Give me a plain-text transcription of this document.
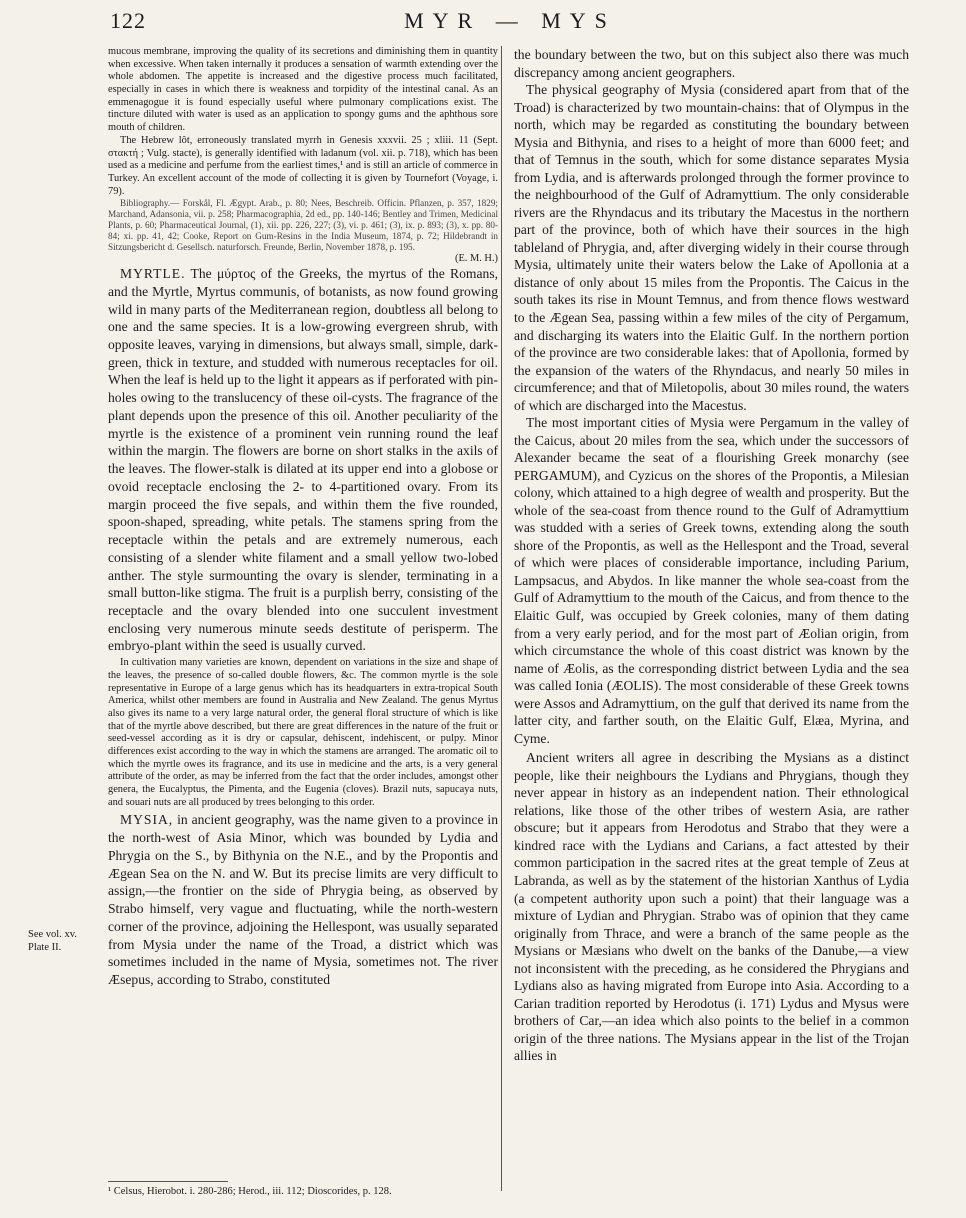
122	MYR — MYS

mucous membrane, improving the quality of its secretions and diminishing them in quantity when excessive. When taken internally it produces a sensation of warmth extending over the whole abdomen. The appetite is increased and the digestive process much facilitated, especially in cases in which there is weakness and torpidity of the intestinal canal. As an emmenagogue it is found especially useful where pulmonary complications exist. The tincture diluted with water is used as an application to spongy gums and the aphthous sore mouth of children.

The Hebrew lôt, erroneously translated myrrh in Genesis xxxvii. 25 ; xliii. 11 (Sept. στακτή ; Vulg. stacte), is generally identified with ladanum (vol. xii. p. 718), which has been used as a medicine and perfume from the earliest times,¹ and is still an article of commerce in Turkey. An excellent account of the mode of collecting it is given by Tournefort (Voyage, i. 79).

Bibliography.— Forskål, Fl. Ægypt. Arab., p. 80; Nees, Beschreib. Officin. Pflanzen, p. 357, 1829; Marchand, Adansonia, vii. p. 258; Pharmacographia, 2d ed., pp. 140-146; Bentley and Trimen, Medicinal Plants, p. 60; Pharmaceutical Journal, (1), xii. pp. 226, 227; (3), vi. p. 461; (3), ix. p. 893; (3), x. pp. 80-84; xi. pp. 41, 42; Cooke, Report on Gum-Resins in the India Museum, 1874, p. 72; Hildebrandt in Sitzungsbericht d. Gesellsch. naturforsch. Freunde, Berlin, November 1878, p. 195.

(E. M. H.)

MYRTLE. The μύρτος of the Greeks, the myrtus of the Romans, and the Myrtle, Myrtus communis, of botanists, as now found growing wild in many parts of the Mediterranean region, doubtless all belong to one and the same species. It is a low-growing evergreen shrub, with opposite leaves, varying in dimensions, but always small, simple, dark-green, thick in texture, and studded with numerous receptacles for oil. When the leaf is held up to the light it appears as if perforated with pin-holes owing to the translucency of these oil-cysts. The fragrance of the plant depends upon the presence of this oil. Another peculiarity of the myrtle is the existence of a prominent vein running round the leaf within the margin. The flowers are borne on short stalks in the axils of the leaves. The flower-stalk is dilated at its upper end into a globose or ovoid receptacle enclosing the 2- to 4-partitioned ovary. From its margin proceed the five sepals, and within them the five rounded, spoon-shaped, spreading, white petals. The stamens spring from the receptacle within the petals and are extremely numerous, each consisting of a slender white filament and a small yellow two-lobed anther. The style surmounting the ovary is slender, terminating in a small button-like stigma. The fruit is a purplish berry, consisting of the receptacle and the ovary blended into one succulent investment enclosing very numerous minute seeds destitute of perisperm. The embryo-plant within the seed is usually curved.

In cultivation many varieties are known, dependent on variations in the size and shape of the leaves, the presence of so-called double flowers, &c. The common myrtle is the sole representative in Europe of a large genus which has its headquarters in extra-tropical South America, whilst other members are found in Australia and New Zealand. The genus Myrtus also gives its name to a very large natural order, the general floral structure of which is like that of the myrtle above described, but there are great differences in the nature of the fruit or seed-vessel according as it is dry or capsular, dehiscent, indehiscent, or pulpy. Minor differences exist according to the way in which the stamens are arranged. The aromatic oil to which the myrtle owes its fragrance, and its use in medicine and the arts, is a very general attribute of the order, as may be inferred from the fact that the order includes, amongst other genera, the Eucalyptus, the Pimenta, and the Eugenia (cloves). Brazil nuts, sapucaya nuts, and souari nuts are all produced by trees belonging to this order.

MYSIA, in ancient geography, was the name given to a province in the north-west of Asia Minor, which was bounded by Lydia and Phrygia on the S., by Bithynia on the N.E., and by the Propontis and Ægean Sea on the N. and W. But its precise limits are very difficult to assign,—the frontier on the side of Phrygia being, as observed by Strabo himself, very vague and fluctuating, while the north-western corner of the province, adjoining the Hellespont, was usually separated from Mysia under the name of the Troad, a district which was sometimes included in the name of Mysia, sometimes not. The river Æsepus, according to Strabo, constituted

See vol. xv. Plate II.

the boundary between the two, but on this subject also there was much discrepancy among ancient geographers.

The physical geography of Mysia (considered apart from that of the Troad) is characterized by two mountain-chains: that of Olympus in the north, which may be regarded as constituting the boundary between Mysia and Bithynia, and rises to a height of more than 6000 feet; and that of Temnus in the south, which for some distance separates Mysia from Lydia, and is afterwards prolonged through the former province to the neighbourhood of the Gulf of Adramyttium. The only considerable rivers are the Rhyndacus and its tributary the Macestus in the northern part of the province, both of which have their sources in the high tableland of Phrygia, and, after diverging widely in their course through Mysia, ultimately unite their waters below the Lake of Apollonia at a distance of only about 15 miles from the Propontis. The Caicus in the south takes its rise in Mount Temnus, and from thence flows westward to the Ægean Sea, passing within a few miles of the city of Pergamum, and discharging its waters into the Elaitic Gulf. In the northern portion of the province are two considerable lakes: that of Apollonia, formed by the expansion of the waters of the Rhyndacus, and nearly 50 miles in circumference; and that of Miletopolis, about 30 miles round, the waters of which are discharged into the Macestus.

The most important cities of Mysia were Pergamum in the valley of the Caicus, about 20 miles from the sea, which under the successors of Alexander became the seat of a flourishing Greek monarchy (see PERGAMUM), and Cyzicus on the shores of the Propontis, a Milesian colony, which attained to a high degree of wealth and prosperity. But the whole of the sea-coast from thence round to the Gulf of Adramyttium was studded with a series of Greek towns, extending along the south shore of the Propontis, as well as the Hellespont and the Troad, several of which were places of considerable importance, including Parium, Lampsacus, and Abydos. In like manner the whole sea-coast from the Gulf of Adramyttium to the mouth of the Caicus, and from thence to the Elaitic Gulf, was occupied by Greek colonies, many of them dating from a very early period, and for the most part of Æolian origin, from which circumstance the whole of this coast district was known by the name of Æolis, as the corresponding district between Lydia and the sea was called Ionia (ÆOLIS). The most considerable of these Greek towns were Assos and Adramyttium, on the gulf that derived its name from the latter city, and farther south, on the Elaitic Gulf, Elæa, Myrina, and Cyme.

Ancient writers all agree in describing the Mysians as a distinct people, like their neighbours the Lydians and Phrygians, though they never appear in history as an independent nation. Their ethnological relations, like those of the other tribes of western Asia, are rather obscure; but it appears from Herodotus and Strabo that they were a kindred race with the Lydians and Carians, a fact attested by their common participation in the sacred rites at the great temple of Zeus at Labranda, as well as by the statement of the historian Xanthus of Lydia (a competent authority upon such a point) that their language was a mixture of Lydian and Phrygian. Strabo was of opinion that they came originally from Thrace, and were a branch of the same people as the Mysians or Mæsians who dwelt on the banks of the Danube,—a view not inconsistent with the preceding, as he considered the Phrygians and Lydians also as having migrated from Europe into Asia. According to a Carian tradition reported by Herodotus (i. 171) Lydus and Mysus were brothers of Car,—an idea which also points to the belief in a common origin of the three nations. The Mysians appear in the list of the Trojan allies in

¹ Celsus, Hierobot. i. 280-286; Herod., iii. 112; Dioscorides, p. 128.
